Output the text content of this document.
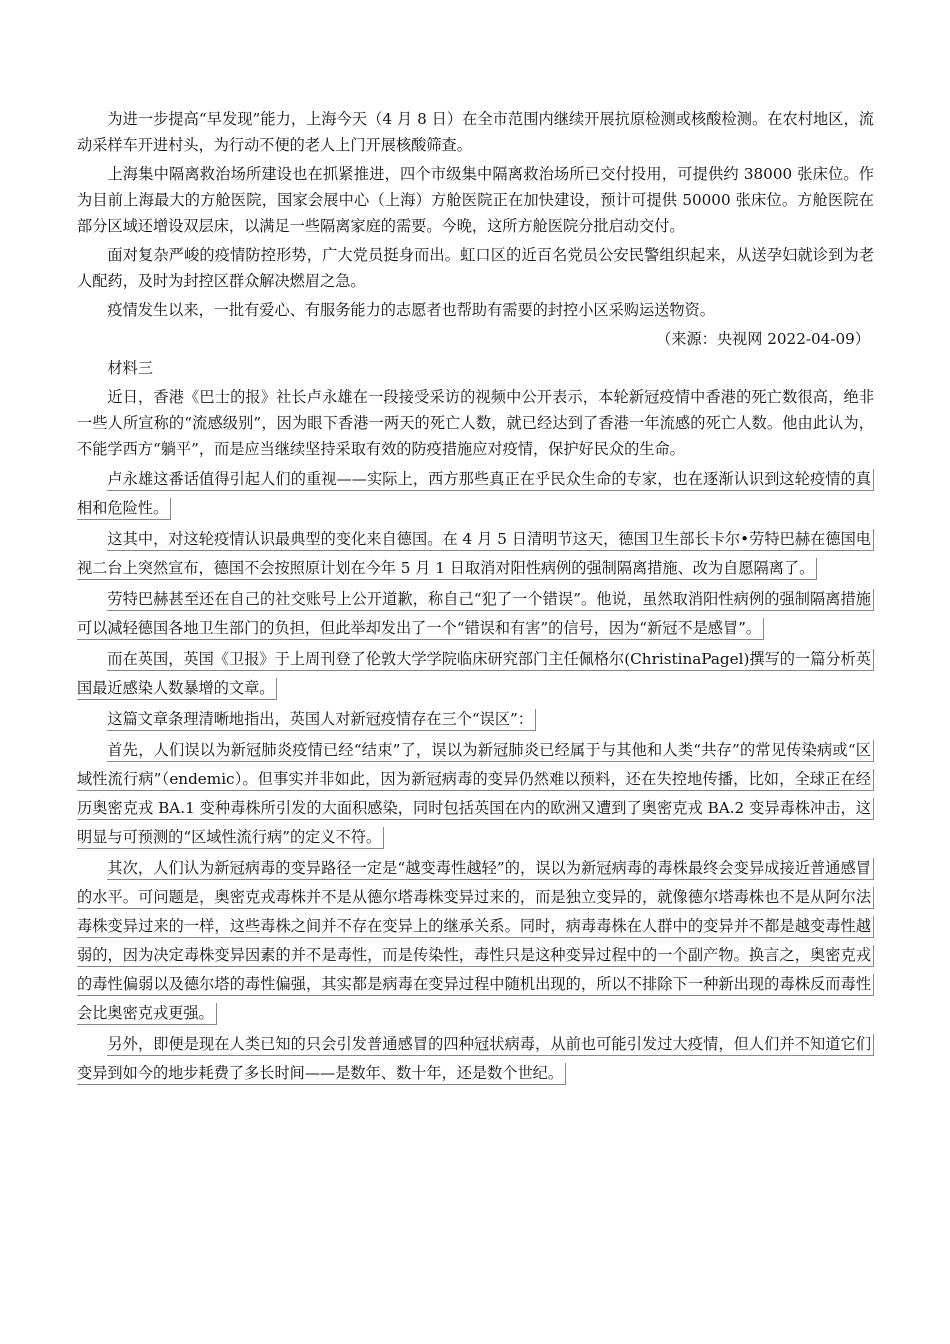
为进一步提高“早发现”能力，上海今天（4 月 8 日）在全市范围内继续开展抗原检测或核酸检测。在农村地区，流动采样车开进村头，为行动不便的老人上门开展核酸筛查。

上海集中隔离救治场所建设也在抓紧推进，四个市级集中隔离救治场所已交付投用，可提供约 38000 张床位。作为目前上海最大的方舱医院，国家会展中心（上海）方舱医院正在加快建设，预计可提供 50000 张床位。方舱医院在部分区域还增设双层床，以满足一些隔离家庭的需要。今晚，这所方舱医院分批启动交付。

面对复杂严峻的疫情防控形势，广大党员挺身而出。虹口区的近百名党员公安民警组织起来，从送孕妇就诊到为老人配药，及时为封控区群众解决燃眉之急。

疫情发生以来，一批有爱心、有服务能力的志愿者也帮助有需要的封控小区采购运送物资。

（来源：央视网 2022-04-09）

材料三

近日，香港《巴士的报》社长卢永雄在一段接受采访的视频中公开表示，本轮新冠疫情中香港的死亡数很高，绝非一些人所宣称的“流感级别”，因为眼下香港一两天的死亡人数，就已经达到了香港一年流感的死亡人数。他由此认为，不能学西方“躺平”，而是应当继续坚持采取有效的防疫措施应对疫情，保护好民众的生命。

卢永雄这番话值得引起人们的重视——实际上，西方那些真正在乎民众生命的专家，也在逐渐认识到这轮疫情的真相和危险性。

这其中，对这轮疫情认识最典型的变化来自德国。在 4 月 5 日清明节这天，德国卫生部长卡尔•劳特巴赫在德国电视二台上突然宣布，德国不会按照原计划在今年 5 月 1 日取消对阳性病例的强制隔离措施、改为自愿隔离了。

劳特巴赫甚至还在自己的社交账号上公开道歉，称自己“犯了一个错误”。他说，虽然取消阳性病例的强制隔离措施可以减轻德国各地卫生部门的负担，但此举却发出了一个“错误和有害”的信号，因为“新冠不是感冒”。

而在英国，英国《卫报》于上周刊登了伦敦大学学院临床研究部门主任佩格尔(ChristinaPagel)撰写的一篇分析英国最近感染人数暴增的文章。

这篇文章条理清晰地指出，英国人对新冠疫情存在三个“误区”：

首先，人们误以为新冠肺炎疫情已经“结束”了，误以为新冠肺炎已经属于与其他和人类“共存”的常见传染病或“区域性流行病”（endemic）。但事实并非如此，因为新冠病毒的变异仍然难以预料，还在失控地传播，比如，全球正在经历奥密克戎 BA.1 变种毒株所引发的大面积感染，同时包括英国在内的欧洲又遭到了奥密克戎 BA.2 变异毒株冲击，这明显与可预测的“区域性流行病”的定义不符。

其次，人们认为新冠病毒的变异路径一定是“越变毒性越轻”的，误以为新冠病毒的毒株最终会变异成接近普通感冒的水平。可问题是，奥密克戎毒株并不是从德尔塔毒株变异过来的，而是独立变异的，就像德尔塔毒株也不是从阿尔法毒株变异过来的一样，这些毒株之间并不存在变异上的继承关系。同时，病毒毒株在人群中的变异并不都是越变毒性越弱的，因为决定毒株变异因素的并不是毒性，而是传染性，毒性只是这种变异过程中的一个副产物。换言之，奥密克戎的毒性偏弱以及德尔塔的毒性偏强，其实都是病毒在变异过程中随机出现的，所以不排除下一种新出现的毒株反而毒性会比奥密克戎更强。

另外，即便是现在人类已知的只会引发普通感冒的四种冠状病毒，从前也可能引发过大疫情，但人们并不知道它们变异到如今的地步耗费了多长时间——是数年、数十年，还是数个世纪。
